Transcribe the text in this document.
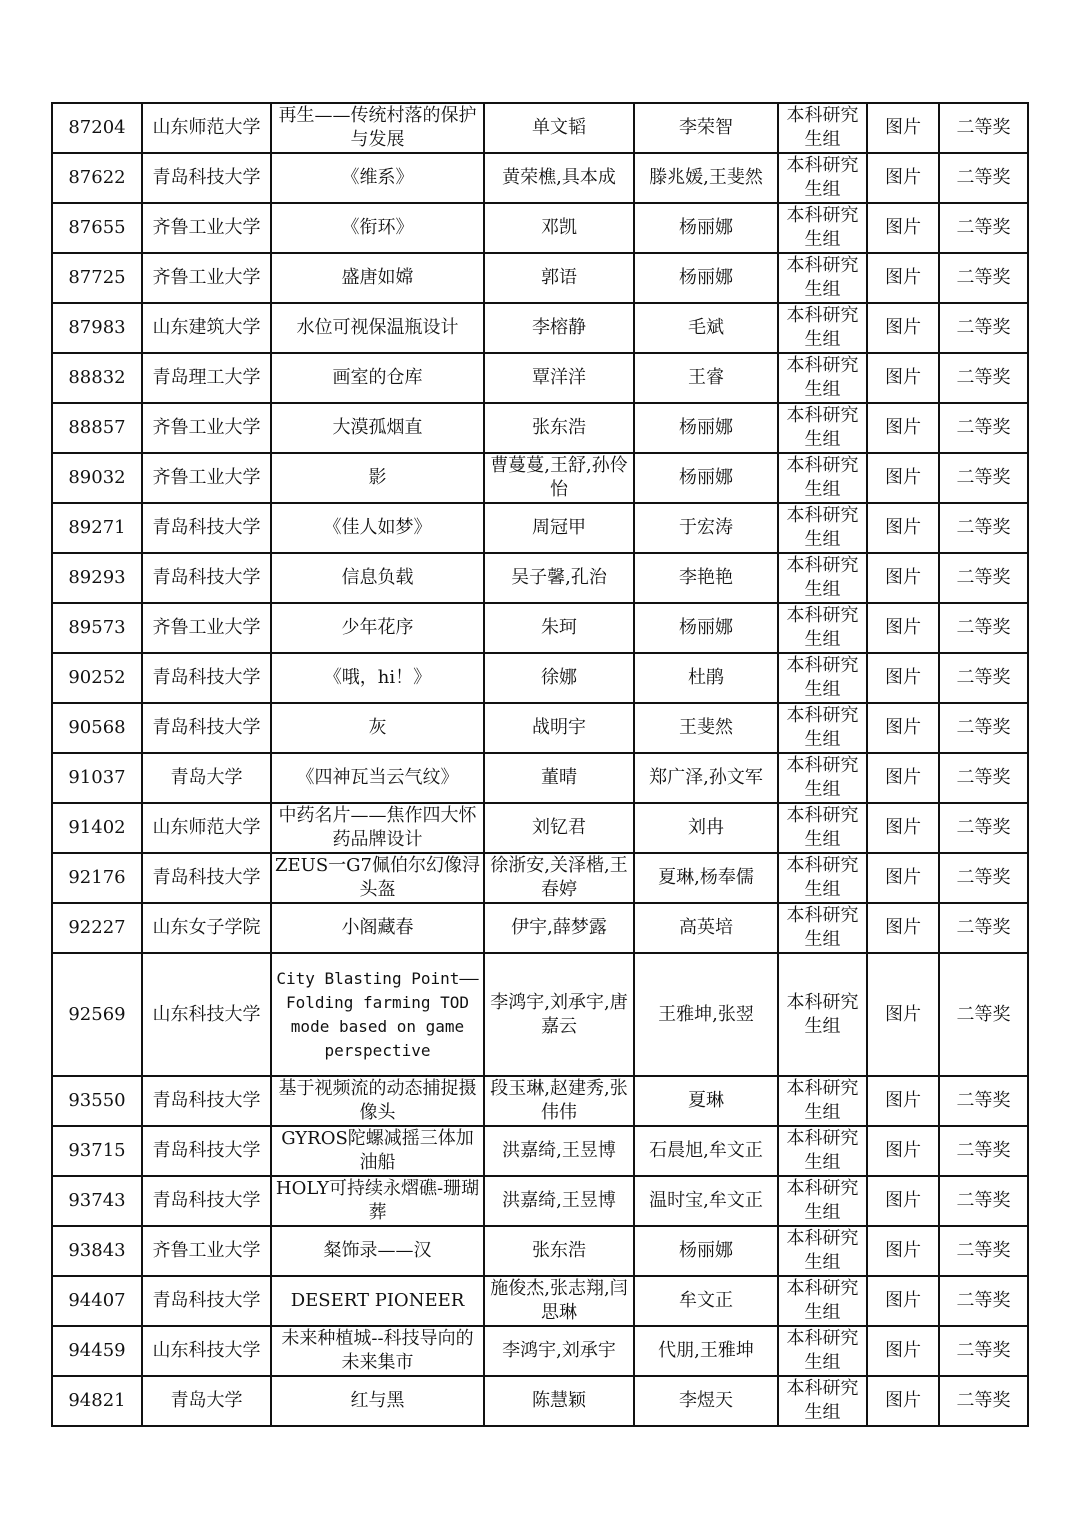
87204	山东师范大学	再生——传统村落的保护与发展	单文韬	李荣智	本科研究生组	图片	二等奖
87622	青岛科技大学	《维系》	黄荣樵,具本成	滕兆媛,王斐然	本科研究生组	图片	二等奖
87655	齐鲁工业大学	《衔环》	邓凯	杨丽娜	本科研究生组	图片	二等奖
87725	齐鲁工业大学	盛唐如嫦	郭语	杨丽娜	本科研究生组	图片	二等奖
87983	山东建筑大学	水位可视保温瓶设计	李榕静	毛斌	本科研究生组	图片	二等奖
88832	青岛理工大学	画室的仓库	覃洋洋	王睿	本科研究生组	图片	二等奖
88857	齐鲁工业大学	大漠孤烟直	张东浩	杨丽娜	本科研究生组	图片	二等奖
89032	齐鲁工业大学	影	曹蔓蔓,王舒,孙伶怡	杨丽娜	本科研究生组	图片	二等奖
89271	青岛科技大学	《佳人如梦》	周冠甲	于宏涛	本科研究生组	图片	二等奖
89293	青岛科技大学	信息负载	吴子馨,孔治	李艳艳	本科研究生组	图片	二等奖
89573	齐鲁工业大学	少年花序	朱珂	杨丽娜	本科研究生组	图片	二等奖
90252	青岛科技大学	《哦，hi！》	徐娜	杜鹃	本科研究生组	图片	二等奖
90568	青岛科技大学	灰	战明宇	王斐然	本科研究生组	图片	二等奖
91037	青岛大学	《四神瓦当云气纹》	董晴	郑广泽,孙文军	本科研究生组	图片	二等奖
91402	山东师范大学	中药名片——焦作四大怀药品牌设计	刘钇君	刘冉	本科研究生组	图片	二等奖
92176	青岛科技大学	ZEUS一G7佩伯尔幻像浔头盔	徐浙安,关泽楷,王春婷	夏琳,杨奉儒	本科研究生组	图片	二等奖
92227	山东女子学院	小阁藏春	伊宇,薛梦露	高英培	本科研究生组	图片	二等奖
92569	山东科技大学	City Blasting Point——Folding farming TOD mode based on game perspective	李鸿宇,刘承宇,唐嘉云	王雅坤,张翌	本科研究生组	图片	二等奖
93550	青岛科技大学	基于视频流的动态捕捉摄像头	段玉琳,赵建秀,张伟伟	夏琳	本科研究生组	图片	二等奖
93715	青岛科技大学	GYROS陀螺减摇三体加油船	洪嘉绮,王昱博	石晨旭,牟文正	本科研究生组	图片	二等奖
93743	青岛科技大学	HOLY可持续永熠礁-珊瑚葬	洪嘉绮,王昱博	温时宝,牟文正	本科研究生组	图片	二等奖
93843	齐鲁工业大学	粲饰录——汉	张东浩	杨丽娜	本科研究生组	图片	二等奖
94407	青岛科技大学	DESERT PIONEER	施俊杰,张志翔,闫思琳	牟文正	本科研究生组	图片	二等奖
94459	山东科技大学	未来种植城--科技导向的未来集市	李鸿宇,刘承宇	代朋,王雅坤	本科研究生组	图片	二等奖
94821	青岛大学	红与黑	陈慧颖	李煜天	本科研究生组	图片	二等奖
